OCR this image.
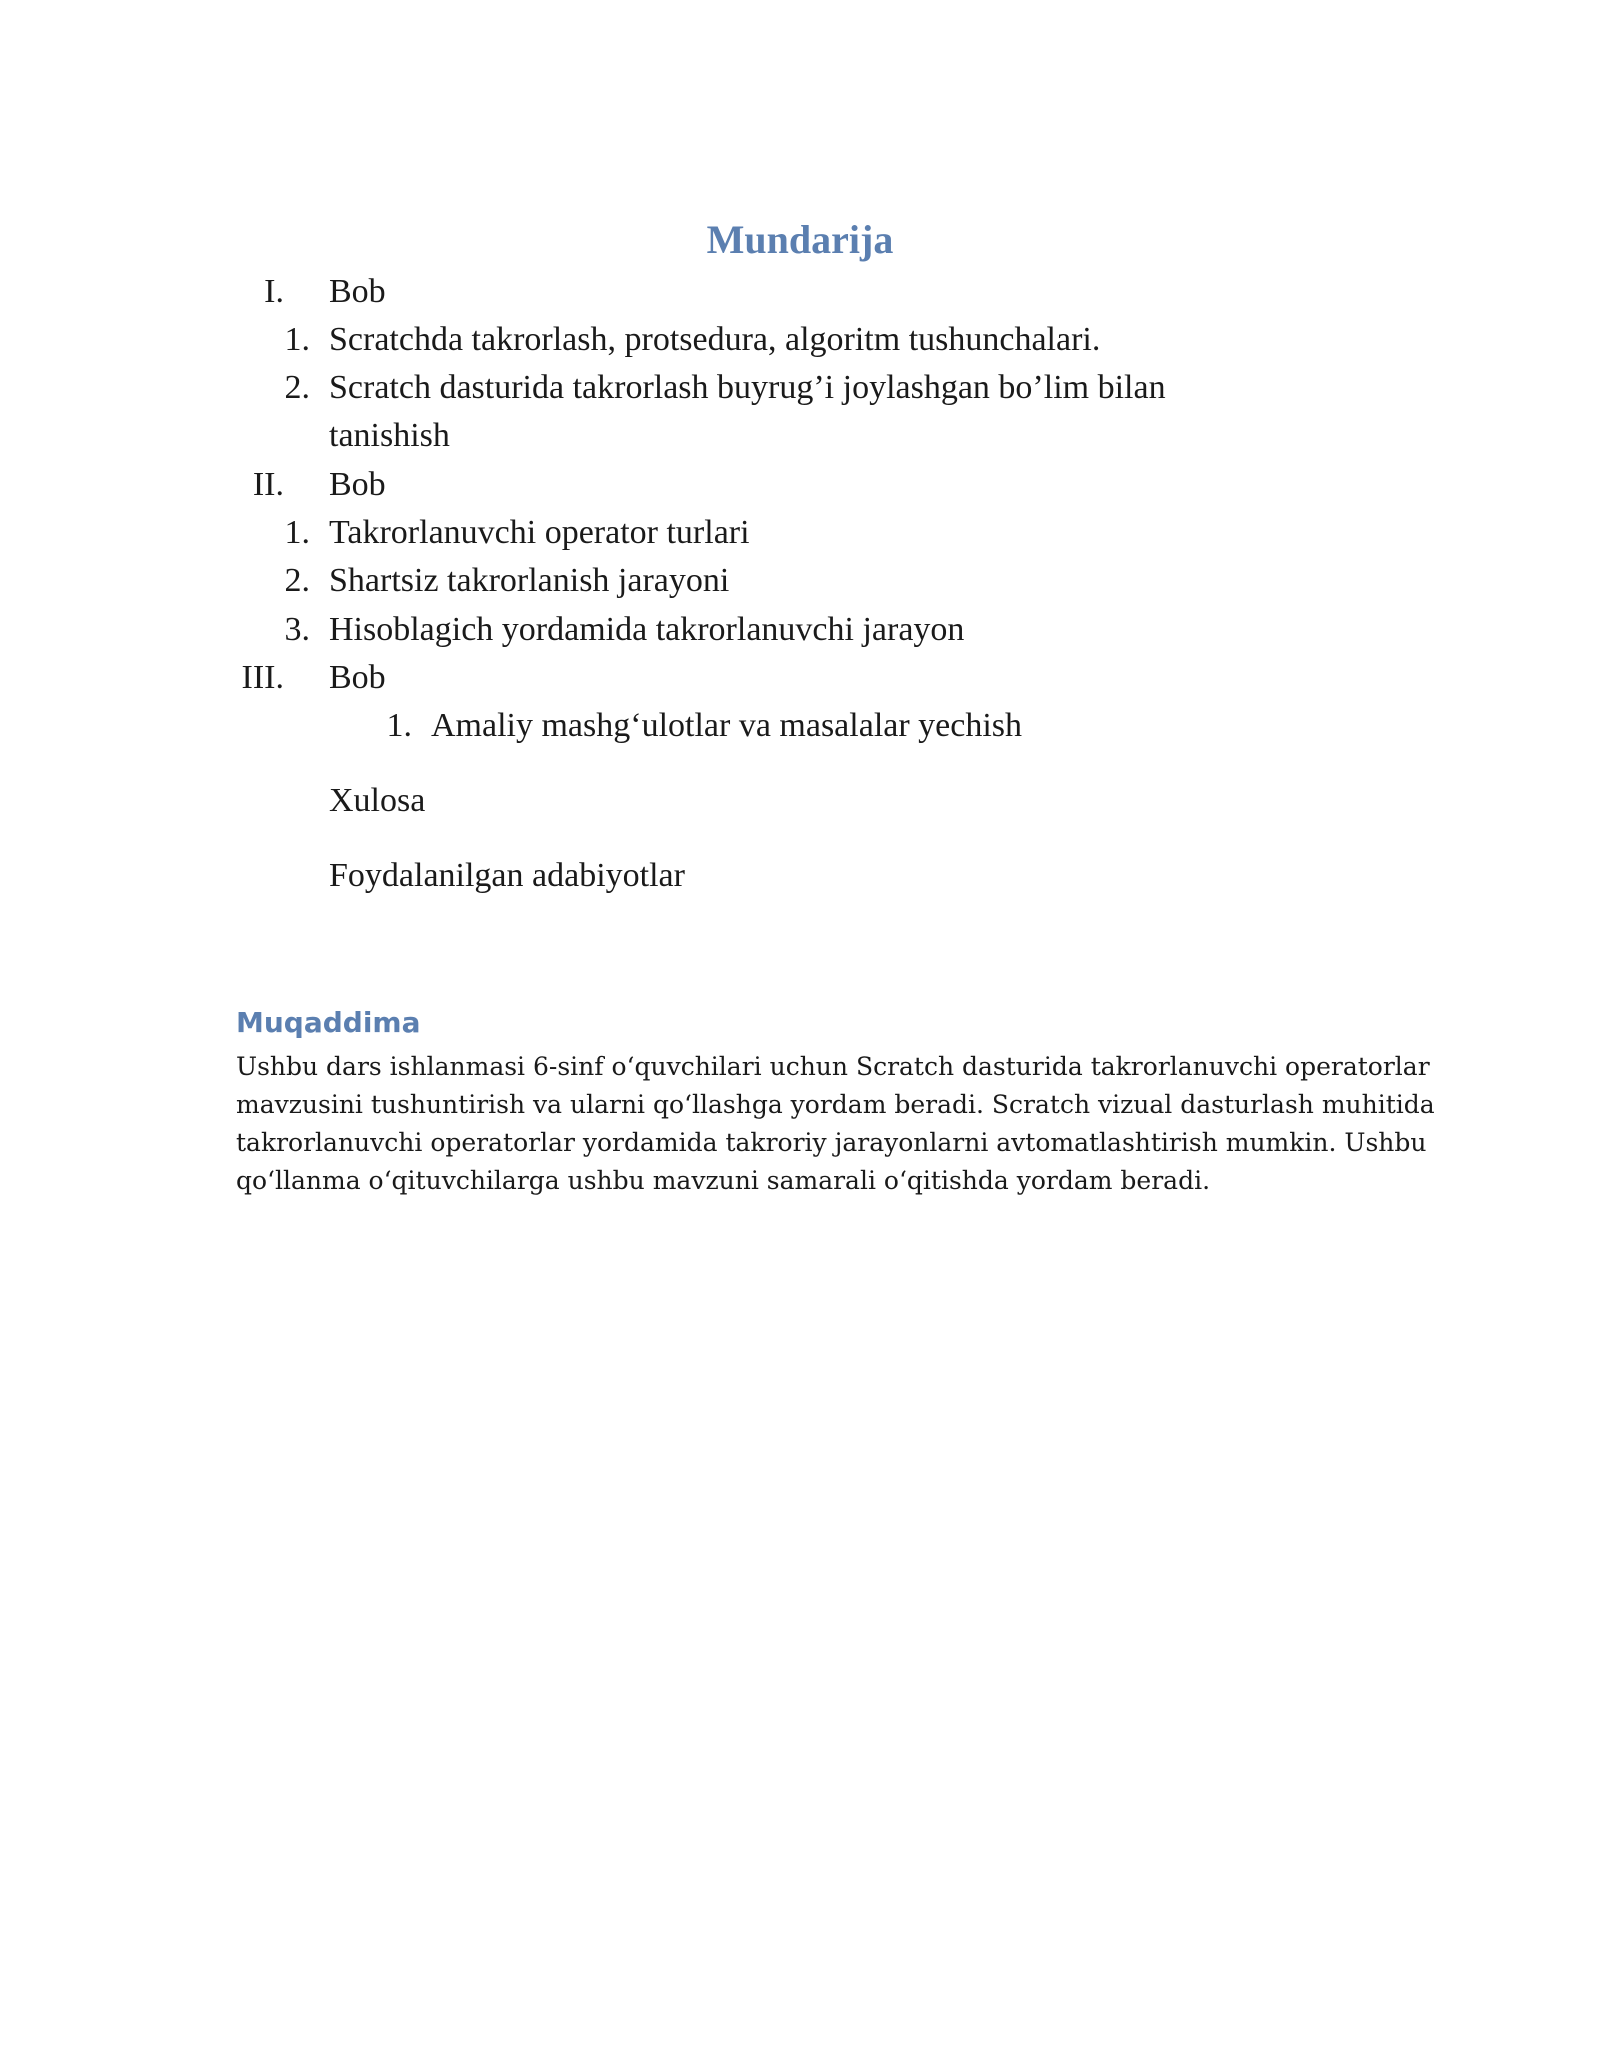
Mundarija
I. Bob
1. Scratchda takrorlash, protsedura, algoritm tushunchalari.
2. Scratch dasturida takrorlash buyrug’i joylashgan bo’lim bilan
tanishish
II. Bob
1. Takrorlanuvchi operator turlari
2. Shartsiz takrorlanish jarayoni
3. Hisoblagich yordamida takrorlanuvchi jarayon
III. Bob
1. Amaliy mashg‘ulotlar va masalalar yechish
Xulosa
Foydalanilgan adabiyotlar
Muqaddima
Ushbu dars ishlanmasi 6-sinf o‘quvchilari uchun Scratch dasturida takrorlanuvchi operatorlar
mavzusini tushuntirish va ularni qo‘llashga yordam beradi. Scratch vizual dasturlash muhitida
takrorlanuvchi operatorlar yordamida takroriy jarayonlarni avtomatlashtirish mumkin. Ushbu
qo‘llanma o‘qituvchilarga ushbu mavzuni samarali o‘qitishda yordam beradi.
